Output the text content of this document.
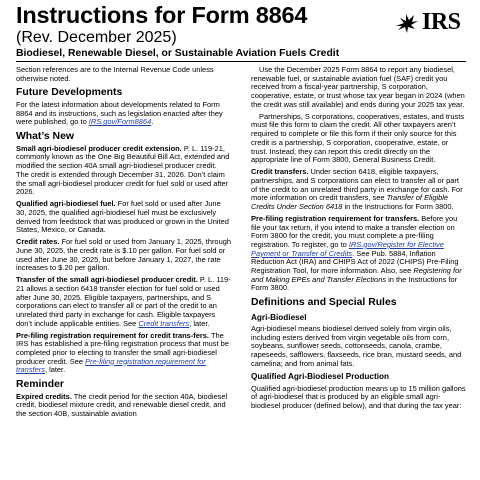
Instructions for Form 8864
(Rev. December 2025)
Biodiesel, Renewable Diesel, or Sustainable Aviation Fuels Credit
IRS

Section references are to the Internal Revenue Code unless otherwise noted.

Future Developments

For the latest information about developments related to Form 8864 and its instructions, such as legislation enacted after they were published, go to IRS.gov/Form8864.

What’s New

Small agri-biodiesel producer credit extension. P. L. 119-21, commonly known as the One Big Beautiful Bill Act, extended and modified the section 40A small agri-biodiesel producer credit. The credit is extended through December 31, 2026. Don’t claim the small agri-biodiesel producer credit for fuel sold or used after 2026.

Qualified agri-biodiesel fuel. For fuel sold or used after June 30, 2025, the qualified agri-biodiesel fuel must be exclusively derived from feedstock that was produced or grown in the United States, Mexico, or Canada.

Credit rates. For fuel sold or used from January 1, 2025, through June 30, 2025, the credit rate is $.10 per gallon. For fuel sold or used after June 30, 2025, but before January 1, 2027, the rate increases to $.20 per gallon.

Transfer of the small agri-biodiesel producer credit. P. L. 119-21 allows a section 6418 transfer election for fuel sold or used after June 30, 2025. Eligible taxpayers, partnerships, and S corporations can elect to transfer all or part of the credit to an unrelated third party in exchange for cash. Eligible taxpayers don’t include applicable entities. See Credit transfers, later.

Pre-filing registration requirement for credit trans-fers. The IRS has established a pre-filing registration process that must be completed prior to electing to transfer the small agri-biodiesel producer credit. See Pre-filing registration requirement for transfers, later.

Reminder

Expired credits. The credit period for the section 40A, biodiesel credit, biodiesel mixture credit, and renewable diesel credit, and the section 40B, sustainable aviation

Use the December 2025 Form 8864 to report any biodiesel, renewable fuel, or sustainable aviation fuel (SAF) credit you received from a fiscal-year partnership, S corporation, cooperative, estate, or trust whose tax year began in 2024 (when the credit was still available) and ends during your 2025 tax year.

Partnerships, S corporations, cooperatives, estates, and trusts must file this form to claim the credit. All other taxpayers aren’t required to complete or file this form if their only source for this credit is a partnership, S corporation, cooperative, estate, or trust. Instead, they can report this credit directly on the appropriate line of Form 3800, General Business Credit.

Credit transfers. Under section 6418, eligible taxpayers, partnerships, and S corporations can elect to transfer all or part of the credit to an unrelated third party in exchange for cash. For more information on credit transfers, see Transfer of Eligible Credits Under Section 6418 in the Instructions for Form 3800.

Pre-filing registration requirement for transfers. Before you file your tax return, if you intend to make a transfer election on Form 3800 for the credit, you must complete a pre-filing registration. To register, go to IRS.gov/Register for Elective Payment or Transfer of Credits. See Pub. 5884, Inflation Reduction Act (IRA) and CHIPS Act of 2022 (CHIPS) Pre-Filing Registration Tool, for more information. Also, see Registering for and Making EPEs and Transfer Elections in the Instructions for Form 3800.

Definitions and Special Rules
Agri-Biodiesel

Agri-biodiesel means biodiesel derived solely from virgin oils, including esters derived from virgin vegetable oils from corn, soybeans, sunflower seeds, cottonseeds, canola, crambe, rapeseeds, safflowers, flaxseeds, rice bran, mustard seeds, and camelina; and from animal fats.

Qualified Agri-Biodiesel Production

Qualified agri-biodiesel production means up to 15 million gallons of agri-biodiesel that is produced by an eligible small agri-biodiesel producer (defined below), and that during the tax year:
